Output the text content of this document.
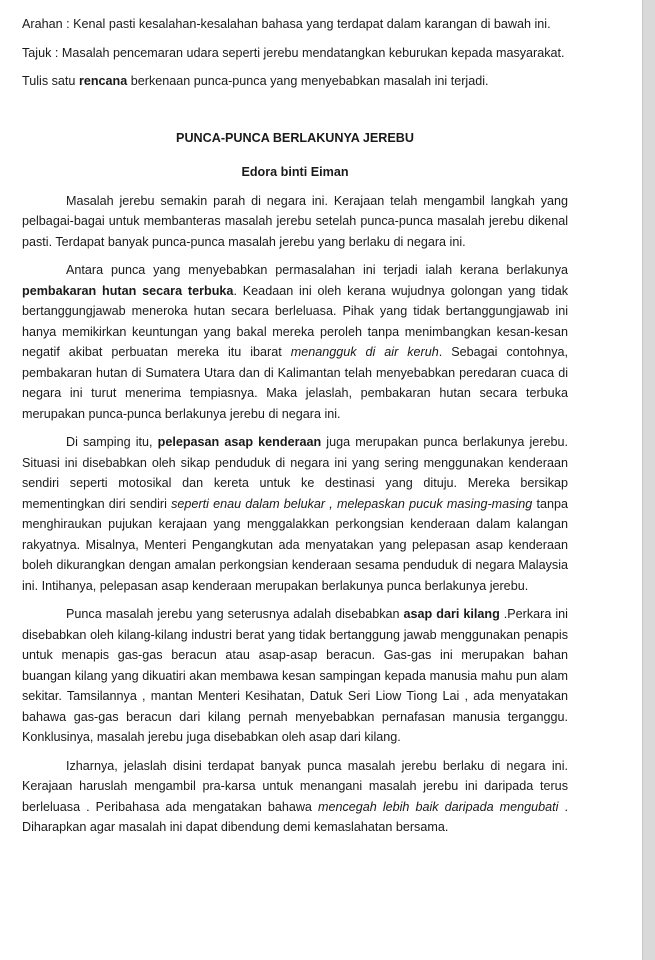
Arahan : Kenal pasti kesalahan-kesalahan bahasa yang terdapat dalam karangan di bawah ini.

Tajuk : Masalah pencemaran udara seperti jerebu mendatangkan keburukan kepada masyarakat.

Tulis satu rencana berkenaan punca-punca yang menyebabkan masalah ini terjadi.

PUNCA-PUNCA BERLAKUNYA JEREBU

Edora binti Eiman

Masalah jerebu semakin parah di negara ini. Kerajaan telah mengambil langkah yang pelbagai-bagai untuk membanteras masalah jerebu setelah punca-punca masalah jerebu dikenal pasti. Terdapat banyak punca-punca masalah jerebu yang berlaku di negara ini.

Antara punca yang menyebabkan permasalahan ini terjadi ialah kerana berlakunya pembakaran hutan secara terbuka. Keadaan ini oleh kerana wujudnya golongan yang tidak bertanggungjawab meneroka hutan secara berleluasa. Pihak yang tidak bertanggungjawab ini hanya memikirkan keuntungan yang bakal mereka peroleh tanpa menimbangkan kesan-kesan negatif akibat perbuatan mereka itu ibarat menangguk di air keruh. Sebagai contohnya, pembakaran hutan di Sumatera Utara dan di Kalimantan telah menyebabkan peredaran cuaca di negara ini turut menerima tempiasnya. Maka jelaslah, pembakaran hutan secara terbuka merupakan punca-punca berlakunya jerebu di negara ini.

Di samping itu, pelepasan asap kenderaan juga merupakan punca berlakunya jerebu. Situasi ini disebabkan oleh sikap penduduk di negara ini yang sering menggunakan kenderaan sendiri seperti motosikal dan kereta untuk ke destinasi yang dituju. Mereka bersikap mementingkan diri sendiri seperti enau dalam belukar , melepaskan pucuk masing-masing tanpa menghiraukan pujukan kerajaan yang menggalakkan perkongsian kenderaan dalam kalangan rakyatnya. Misalnya, Menteri Pengangkutan ada menyatakan yang pelepasan asap kenderaan boleh dikurangkan dengan amalan perkongsian kenderaan sesama penduduk di negara Malaysia ini. Intihanya, pelepasan asap kenderaan merupakan berlakunya punca berlakunya jerebu.

Punca masalah jerebu yang seterusnya adalah disebabkan asap dari kilang .Perkara ini disebabkan oleh kilang-kilang industri berat yang tidak bertanggung jawab menggunakan penapis untuk menapis gas-gas beracun atau asap-asap beracun. Gas-gas ini merupakan bahan buangan kilang yang dikuatiri akan membawa kesan sampingan kepada manusia mahu pun alam sekitar. Tamsilannya , mantan Menteri Kesihatan, Datuk Seri Liow Tiong Lai , ada menyatakan bahawa gas-gas beracun dari kilang pernah menyebabkan pernafasan manusia terganggu. Konklusinya, masalah jerebu juga disebabkan oleh asap dari kilang.

Izharnya, jelaslah disini terdapat banyak punca masalah jerebu berlaku di negara ini. Kerajaan haruslah mengambil pra-karsa untuk menangani masalah jerebu ini daripada terus berleluasa . Peribahasa ada mengatakan bahawa mencegah lebih baik daripada mengubati . Diharapkan agar masalah ini dapat dibendung demi kemaslahatan bersama.
